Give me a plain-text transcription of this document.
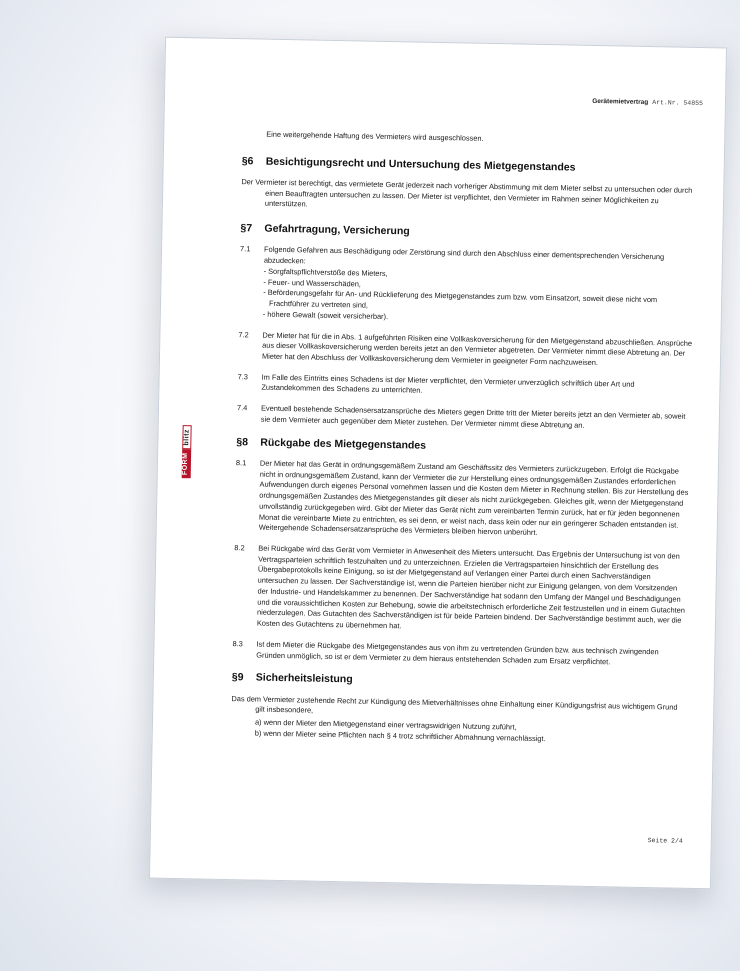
Gerätemietvertrag Art.Nr. 54855
FORM
blitz
Eine weitergehende Haftung des Vermieters wird ausgeschlossen.
§6	Besichtigungsrecht und Untersuchung des Mietgegenstandes
Der Vermieter ist berechtigt, das vermietete Gerät jederzeit nach vorheriger Abstimmung mit dem Mieter selbst zu untersuchen oder durch einen Beauftragten untersuchen zu lassen. Der Mieter ist verpflichtet, den Vermieter im Rahmen seiner Möglichkeiten zu unterstützen.
§7	Gefahrtragung, Versicherung
7.1	Folgende Gefahren aus Beschädigung oder Zerstörung sind durch den Abschluss einer dementsprechenden Versicherung abzudecken:
- Sorgfaltspflichtverstöße des Mieters,
- Feuer- und Wasserschäden,
- Beförderungsgefahr für An- und Rücklieferung des Mietgegenstandes zum bzw. vom Einsatzort, soweit diese nicht vom Frachtführer zu vertreten sind,
- höhere Gewalt (soweit versicherbar).
7.2	Der Mieter hat für die in Abs. 1 aufgeführten Risiken eine Vollkaskoversicherung für den Mietgegenstand abzuschließen. Ansprüche aus dieser Vollkaskoversicherung werden bereits jetzt an den Vermieter abgetreten. Der Vermieter nimmt diese Abtretung an. Der Mieter hat den Abschluss der Vollkaskoversicherung dem Vermieter in geeigneter Form nachzuweisen.
7.3	Im Falle des Eintritts eines Schadens ist der Mieter verpflichtet, den Vermieter unverzüglich schriftlich über Art und Zustandekommen des Schadens zu unterrichten.
7.4	Eventuell bestehende Schadensersatzansprüche des Mieters gegen Dritte tritt der Mieter bereits jetzt an den Vermieter ab, soweit sie dem Vermieter auch gegenüber dem Mieter zustehen. Der Vermieter nimmt diese Abtretung an.
§8	Rückgabe des Mietgegenstandes
8.1	Der Mieter hat das Gerät in ordnungsgemäßem Zustand am Geschäftssitz des Vermieters zurückzugeben. Erfolgt die Rückgabe nicht in ordnungsgemäßem Zustand, kann der Vermieter die zur Herstellung eines ordnungsgemäßen Zustandes erforderlichen Aufwendungen durch eigenes Personal vornehmen lassen und die Kosten dem Mieter in Rechnung stellen. Bis zur Herstellung des ordnungsgemäßen Zustandes des Mietgegenstandes gilt dieser als nicht zurückgegeben. Gleiches gilt, wenn der Mietgegenstand unvollständig zurückgegeben wird. Gibt der Mieter das Gerät nicht zum vereinbarten Termin zurück, hat er für jeden begonnenen Monat die vereinbarte Miete zu entrichten, es sei denn, er weist nach, dass kein oder nur ein geringerer Schaden entstanden ist. Weitergehende Schadensersatzansprüche des Vermieters bleiben hiervon unberührt.
8.2	Bei Rückgabe wird das Gerät vom Vermieter in Anwesenheit des Mieters untersucht. Das Ergebnis der Untersuchung ist von den Vertragsparteien schriftlich festzuhalten und zu unterzeichnen. Erzielen die Vertragsparteien hinsichtlich der Erstellung des Übergabeprotokolls keine Einigung, so ist der Mietgegenstand auf Verlangen einer Partei durch einen Sachverständigen untersuchen zu lassen. Der Sachverständige ist, wenn die Parteien hierüber nicht zur Einigung gelangen, von dem Vorsitzenden der Industrie- und Handelskammer zu benennen. Der Sachverständige hat sodann den Umfang der Mängel und Beschädigungen und die voraussichtlichen Kosten zur Behebung, sowie die arbeitstechnisch erforderliche Zeit festzustellen und in einem Gutachten niederzulegen. Das Gutachten des Sachverständigen ist für beide Parteien bindend. Der Sachverständige bestimmt auch, wer die Kosten des Gutachtens zu übernehmen hat.
8.3	Ist dem Mieter die Rückgabe des Mietgegenstandes aus von ihm zu vertretenden Gründen bzw. aus technisch zwingenden Gründen unmöglich, so ist er dem Vermieter zu dem hieraus entstehenden Schaden zum Ersatz verpflichtet.
§9	Sicherheitsleistung
Das dem Vermieter zustehende Recht zur Kündigung des Mietverhältnisses ohne Einhaltung einer Kündigungsfrist aus wichtigem Grund gilt insbesondere,
a) wenn der Mieter den Mietgegenstand einer vertragswidrigen Nutzung zuführt,
b) wenn der Mieter seine Pflichten nach § 4 trotz schriftlicher Abmahnung vernachlässigt.
Seite 2/4
